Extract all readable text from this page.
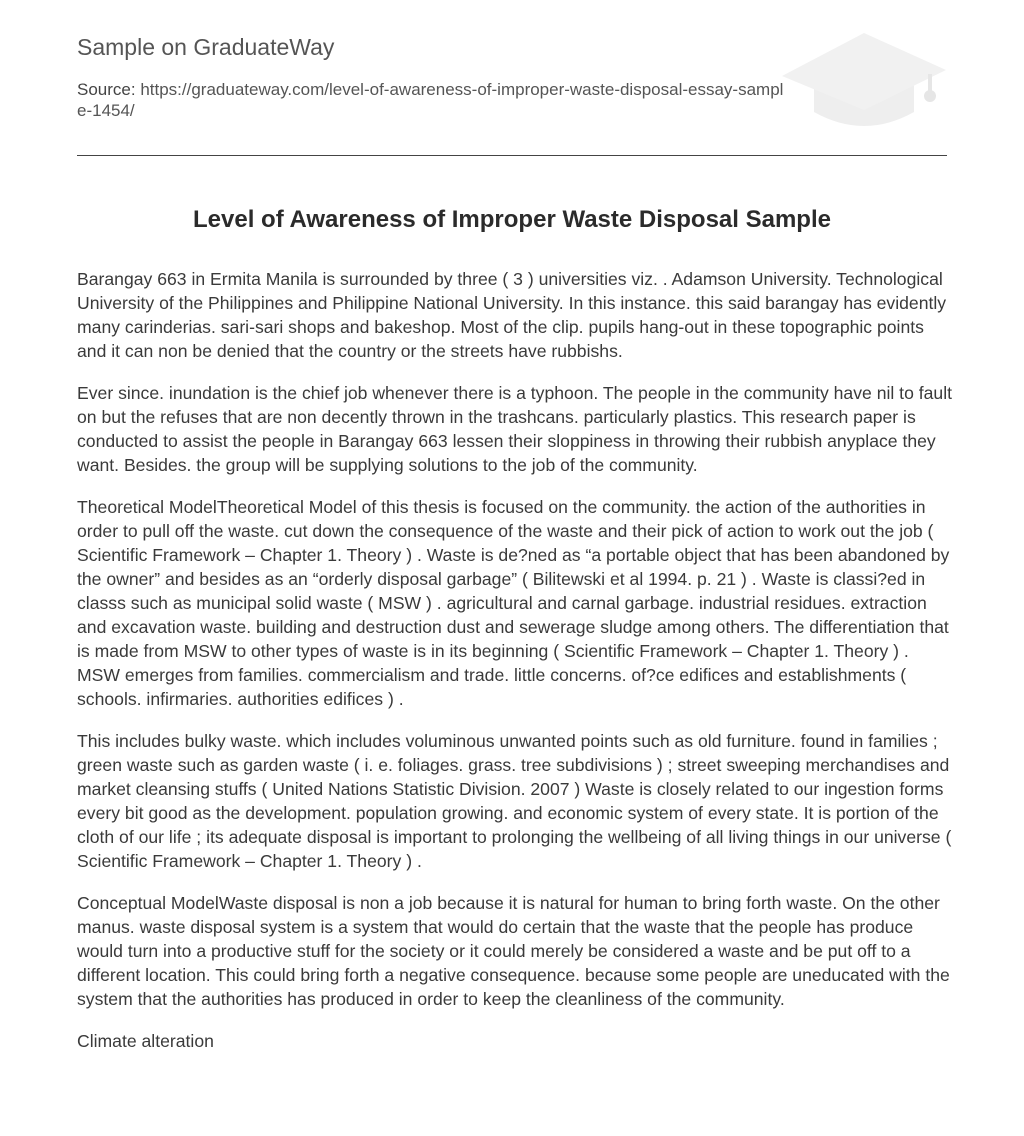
Sample on GraduateWay
Source: https://graduateway.com/level-of-awareness-of-improper-waste-disposal-essay-sample-1454/
Level of Awareness of Improper Waste Disposal Sample

Barangay 663 in Ermita Manila is surrounded by three ( 3 ) universities viz. . Adamson University. Technological University of the Philippines and Philippine National University. In this instance. this said barangay has evidently many carinderias. sari-sari shops and bakeshop. Most of the clip. pupils hang-out in these topographic points and it can non be denied that the country or the streets have rubbishs.

Ever since. inundation is the chief job whenever there is a typhoon. The people in the community have nil to fault on but the refuses that are non decently thrown in the trashcans. particularly plastics. This research paper is conducted to assist the people in Barangay 663 lessen their sloppiness in throwing their rubbish anyplace they want. Besides. the group will be supplying solutions to the job of the community.

Theoretical ModelTheoretical Model of this thesis is focused on the community. the action of the authorities in order to pull off the waste. cut down the consequence of the waste and their pick of action to work out the job ( Scientific Framework – Chapter 1. Theory ) . Waste is de?ned as “a portable object that has been abandoned by the owner” and besides as an “orderly disposal garbage” ( Bilitewski et al 1994. p. 21 ) . Waste is classi?ed in classs such as municipal solid waste ( MSW ) . agricultural and carnal garbage. industrial residues. extraction and excavation waste. building and destruction dust and sewerage sludge among others. The differentiation that is made from MSW to other types of waste is in its beginning ( Scientific Framework – Chapter 1. Theory ) . MSW emerges from families. commercialism and trade. little concerns. of?ce edifices and establishments ( schools. infirmaries. authorities edifices ) .

This includes bulky waste. which includes voluminous unwanted points such as old furniture. found in families ; green waste such as garden waste ( i. e. foliages. grass. tree subdivisions ) ; street sweeping merchandises and market cleansing stuffs ( United Nations Statistic Division. 2007 ) Waste is closely related to our ingestion forms every bit good as the development. population growing. and economic system of every state. It is portion of the cloth of our life ; its adequate disposal is important to prolonging the wellbeing of all living things in our universe ( Scientific Framework – Chapter 1. Theory ) .

Conceptual ModelWaste disposal is non a job because it is natural for human to bring forth waste. On the other manus. waste disposal system is a system that would do certain that the waste that the people has produce would turn into a productive stuff for the society or it could merely be considered a waste and be put off to a different location. This could bring forth a negative consequence. because some people are uneducated with the system that the authorities has produced in order to keep the cleanliness of the community.

Climate alteration
